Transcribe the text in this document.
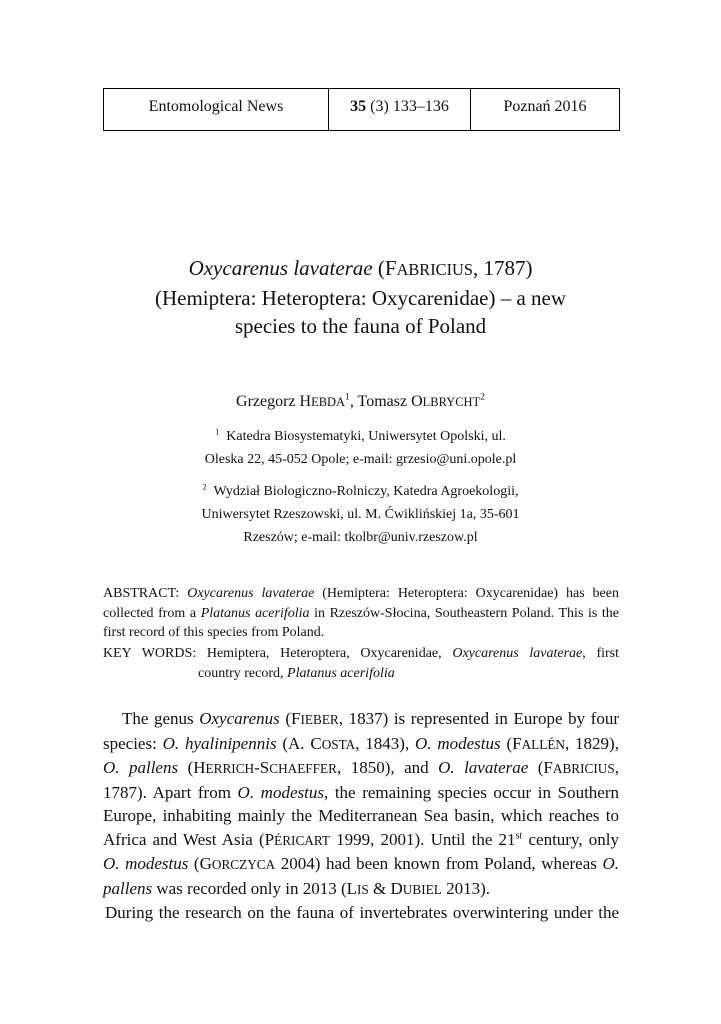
Entomological News	35
(3) 133–136	Poznań 2016
Oxycarenus lavaterae (FABRICIUS, 1787)
(Hemiptera: Heteroptera: Oxycarenidae) – a new
species to the fauna of Poland
Grzegorz HEBDA$^1$, Tomasz OLBRYCHT$^2$
$^1$ Katedra Biosystematyki, Uniwersytet Opolski, ul.
Oleska 22, 45-052 Opole; e-mail: grzesio@uni.opole.pl
$^2$ Wydział Biologiczno-Rolniczy, Katedra Agroekologii,
Uniwersytet Rzeszowski, ul. M. Ćwiklińskiej 1a, 35-601
Rzeszów; e-mail: tkolbr@univ.rzeszow.pl
ABSTRACT: Oxycarenus lavaterae (Hemiptera: Heteroptera: Oxycarenidae) has been
collected from a Platanus acerifolia in Rzeszów-Słocina, Southeastern Poland. This is the
first record of this species from Poland.
KEY WORDS: Hemiptera, Heteroptera, Oxycarenidae, Oxycarenus lavaterae, first
country record, Platanus acerifolia
The genus Oxycarenus (FIEBER, 1837) is represented in Europe by four
species: O. hyalinipennis (A. COSTA, 1843), O. modestus (FALLÉN, 1829),
O. pallens (HERRICH-SCHAEFFER, 1850), and O. lavaterae (FABRICIUS,
1787). Apart from O. modestus, the remaining species occur in Southern
Europe, inhabiting mainly the Mediterranean Sea basin, which reaches to
Africa and West Asia (PÉRICART 1999, 2001). Until the 21st century, only
O. modestus (GORCZYCA 2004) had been known from Poland, whereas O.
pallens was recorded only in 2013 (LIS & DUBIEL 2013).
During the research on the fauna of invertebrates overwintering under the
